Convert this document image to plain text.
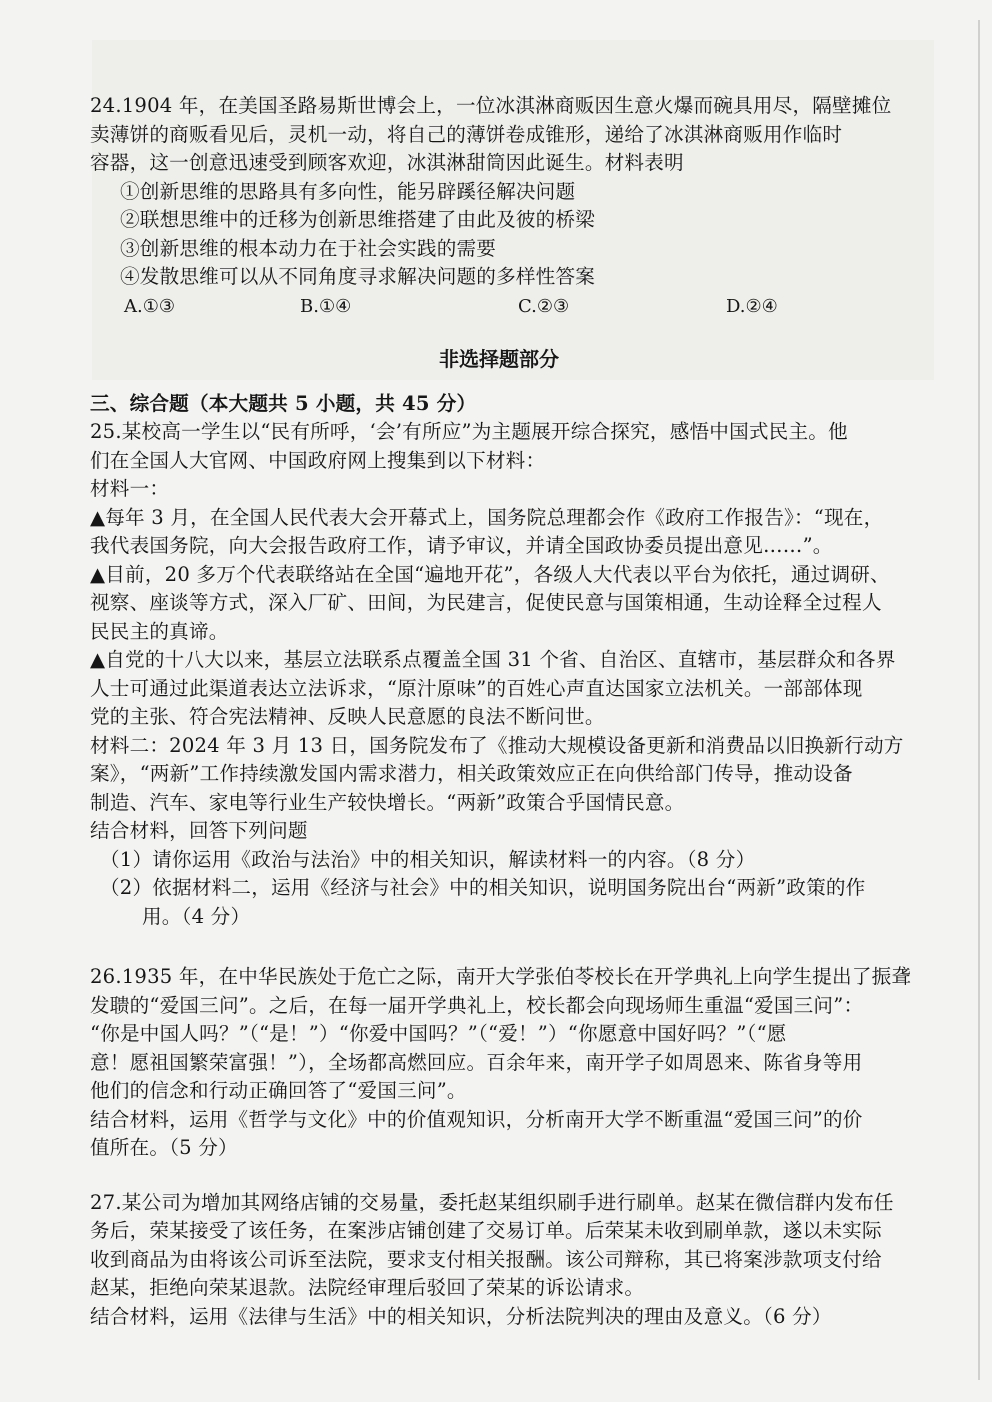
24.1904 年，在美国圣路易斯世博会上，一位冰淇淋商贩因生意火爆而碗具用尽，隔壁摊位

卖薄饼的商贩看见后，灵机一动，将自己的薄饼卷成锥形，递给了冰淇淋商贩用作临时

容器，这一创意迅速受到顾客欢迎，冰淇淋甜筒因此诞生。材料表明

①创新思维的思路具有多向性，能另辟蹊径解决问题

②联想思维中的迁移为创新思维搭建了由此及彼的桥梁

③创新思维的根本动力在于社会实践的需要

④发散思维可以从不同角度寻求解决问题的多样性答案

A.①③	B.①④	C.②③	D.②④
非选择题部分

三、综合题（本大题共 5 小题，共 45 分）

25.某校高一学生以“民有所呼，‘会’有所应”为主题展开综合探究，感悟中国式民主。他

们在全国人大官网、中国政府网上搜集到以下材料：

材料一：

▲每年 3 月，在全国人民代表大会开幕式上，国务院总理都会作《政府工作报告》：“现在，

我代表国务院，向大会报告政府工作，请予审议，并请全国政协委员提出意见……”。

▲目前，20 多万个代表联络站在全国“遍地开花”，各级人大代表以平台为依托，通过调研、

视察、座谈等方式，深入厂矿、田间，为民建言，促使民意与国策相通，生动诠释全过程人

民民主的真谛。

▲自党的十八大以来，基层立法联系点覆盖全国 31 个省、自治区、直辖市，基层群众和各界

人士可通过此渠道表达立法诉求，“原汁原味”的百姓心声直达国家立法机关。一部部体现

党的主张、符合宪法精神、反映人民意愿的良法不断问世。

材料二：2024 年 3 月 13 日，国务院发布了《推动大规模设备更新和消费品以旧换新行动方

案》，“两新”工作持续激发国内需求潜力，相关政策效应正在向供给部门传导，推动设备

制造、汽车、家电等行业生产较快增长。“两新”政策合乎国情民意。

结合材料，回答下列问题

（1）请你运用《政治与法治》中的相关知识，解读材料一的内容。（8 分）

（2）依据材料二，运用《经济与社会》中的相关知识，说明国务院出台“两新”政策的作

用。（4 分）

26.1935 年，在中华民族处于危亡之际，南开大学张伯苓校长在开学典礼上向学生提出了振聋

发聩的“爱国三问”。之后，在每一届开学典礼上，校长都会向现场师生重温“爱国三问”：

“你是中国人吗？”（“是！”）“你爱中国吗？”（“爱！”）“你愿意中国好吗？”（“愿

意！愿祖国繁荣富强！”），全场都高燃回应。百余年来，南开学子如周恩来、陈省身等用

他们的信念和行动正确回答了“爱国三问”。

结合材料，运用《哲学与文化》中的价值观知识，分析南开大学不断重温“爱国三问”的价

值所在。（5 分）

27.某公司为增加其网络店铺的交易量，委托赵某组织刷手进行刷单。赵某在微信群内发布任

务后，荣某接受了该任务，在案涉店铺创建了交易订单。后荣某未收到刷单款，遂以未实际

收到商品为由将该公司诉至法院，要求支付相关报酬。该公司辩称，其已将案涉款项支付给

赵某，拒绝向荣某退款。法院经审理后驳回了荣某的诉讼请求。

结合材料，运用《法律与生活》中的相关知识，分析法院判决的理由及意义。（6 分）
